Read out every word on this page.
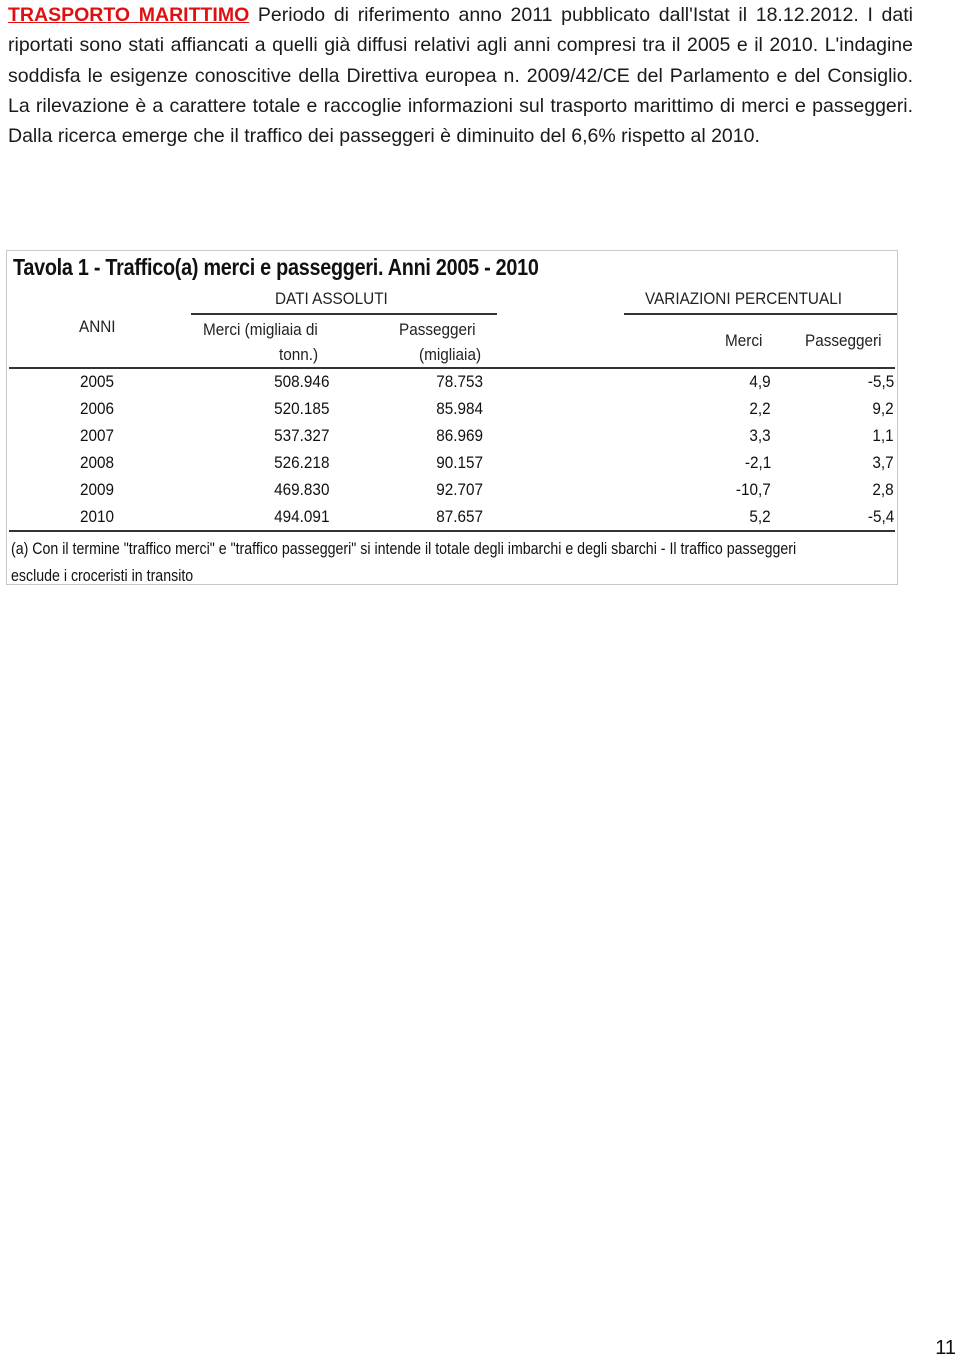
TRASPORTO MARITTIMO Periodo di riferimento anno 2011 pubblicato dall'Istat il 18.12.2012. I dati riportati sono stati affiancati a quelli già diffusi relativi agli anni compresi tra il 2005 e il 2010. L'indagine soddisfa le esigenze conoscitive della Direttiva europea n. 2009/42/CE del Parlamento e del Consiglio. La rilevazione è a carattere totale e raccoglie informazioni sul trasporto marittimo di merci e passeggeri. Dalla ricerca emerge che il traffico dei passeggeri è diminuito del 6,6% rispetto al 2010.
Tavola 1 - Traffico(a) merci e passeggeri. Anni 2005 - 2010
DATI ASSOLUTI	VARIAZIONI PERCENTUALI
ANNI	Merci (migliaia di
tonn.)
Passeggeri
(migliaia)
Merci	Passeggeri
2005	508.946	78.753	4,9	-5,5
2006	520.185	85.984	2,2	9,2
2007	537.327	86.969	3,3	1,1
2008	526.218	90.157	-2,1	3,7
2009	469.830	92.707	-10,7	2,8
2010	494.091	87.657	5,2	-5,4
(a) Con il termine "traffico merci" e "traffico passeggeri" si intende il totale degli imbarchi e degli sbarchi - Il traffico passeggeri esclude i croceristi in transito
11
